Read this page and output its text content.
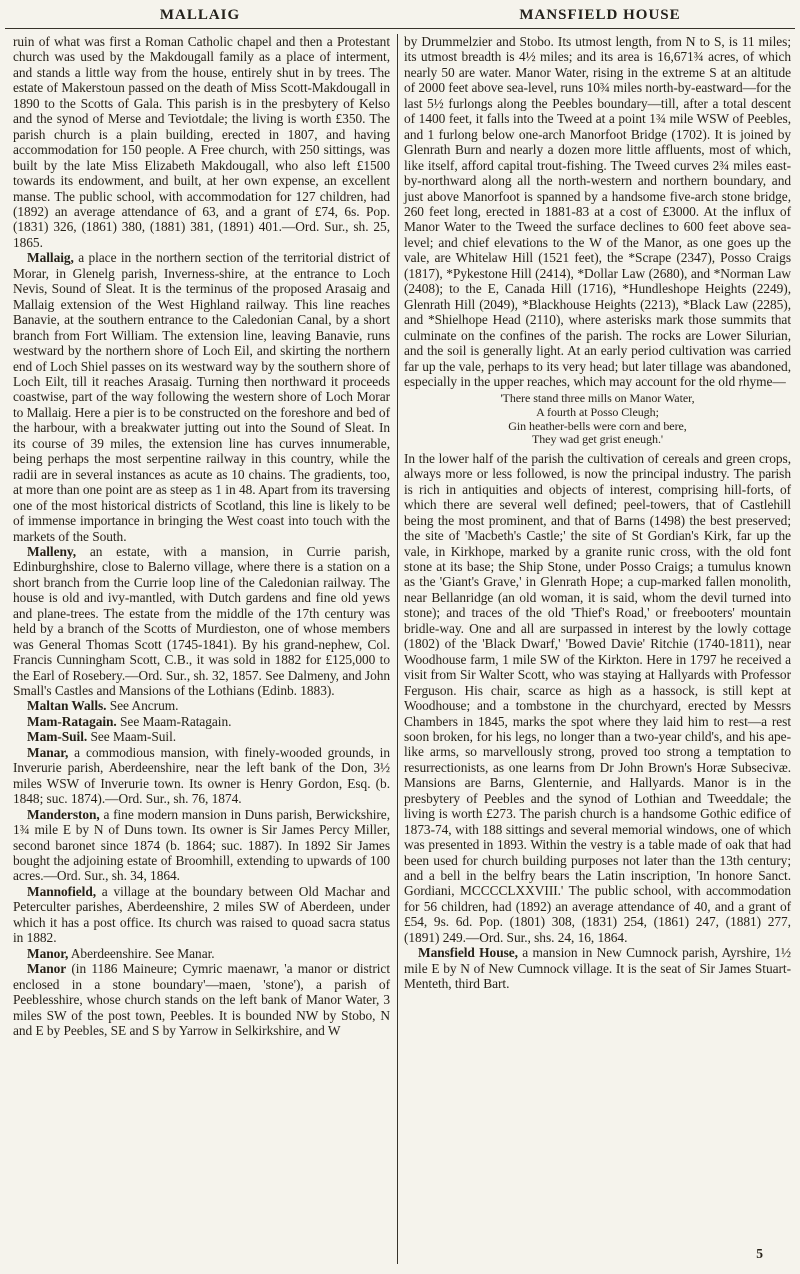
MALLAIG	MANSFIELD HOUSE

ruin of what was first a Roman Catholic chapel and then a Protestant church was used by the Makdougall family as a place of interment, and stands a little way from the house, entirely shut in by trees. The estate of Makerstoun passed on the death of Miss Scott-Makdougall in 1890 to the Scotts of Gala. This parish is in the presbytery of Kelso and the synod of Merse and Teviotdale; the living is worth £350. The parish church is a plain building, erected in 1807, and having accommodation for 150 people. A Free church, with 250 sittings, was built by the late Miss Elizabeth Makdougall, who also left £1500 towards its endowment, and built, at her own expense, an excellent manse. The public school, with accommodation for 127 children, had (1892) an average attendance of 63, and a grant of £74, 6s. Pop. (1831) 326, (1861) 380, (1881) 381, (1891) 401.—Ord. Sur., sh. 25, 1865.

Mallaig, a place in the northern section of the territorial district of Morar, in Glenelg parish, Inverness-shire, at the entrance to Loch Nevis, Sound of Sleat. It is the terminus of the proposed Arasaig and Mallaig extension of the West Highland railway. This line reaches Banavie, at the southern entrance to the Caledonian Canal, by a short branch from Fort William. The extension line, leaving Banavie, runs westward by the northern shore of Loch Eil, and skirting the northern end of Loch Shiel passes on its westward way by the southern shore of Loch Eilt, till it reaches Arasaig. Turning then northward it proceeds coastwise, part of the way following the western shore of Loch Morar to Mallaig. Here a pier is to be constructed on the foreshore and bed of the harbour, with a breakwater jutting out into the Sound of Sleat. In its course of 39 miles, the extension line has curves innumerable, being perhaps the most serpentine railway in this country, while the radii are in several instances as acute as 10 chains. The gradients, too, at more than one point are as steep as 1 in 48. Apart from its traversing one of the most historical districts of Scotland, this line is likely to be of immense importance in bringing the West coast into touch with the markets of the South.

Malleny, an estate, with a mansion, in Currie parish, Edinburghshire, close to Balerno village, where there is a station on a short branch from the Currie loop line of the Caledonian railway. The house is old and ivy-mantled, with Dutch gardens and fine old yews and plane-trees. The estate from the middle of the 17th century was held by a branch of the Scotts of Murdieston, one of whose members was General Thomas Scott (1745-1841). By his grand-nephew, Col. Francis Cunningham Scott, C.B., it was sold in 1882 for £125,000 to the Earl of Rosebery.—Ord. Sur., sh. 32, 1857. See Dalmeny, and John Small's Castles and Mansions of the Lothians (Edinb. 1883).

Maltan Walls. See Ancrum.

Mam-Ratagain. See Maam-Ratagain.

Mam-Suil. See Maam-Suil.

Manar, a commodious mansion, with finely-wooded grounds, in Inverurie parish, Aberdeenshire, near the left bank of the Don, 3½ miles WSW of Inverurie town. Its owner is Henry Gordon, Esq. (b. 1848; suc. 1874).—Ord. Sur., sh. 76, 1874.

Manderston, a fine modern mansion in Duns parish, Berwickshire, 1¾ mile E by N of Duns town. Its owner is Sir James Percy Miller, second baronet since 1874 (b. 1864; suc. 1887). In 1892 Sir James bought the adjoining estate of Broomhill, extending to upwards of 100 acres.—Ord. Sur., sh. 34, 1864.

Mannofield, a village at the boundary between Old Machar and Peterculter parishes, Aberdeenshire, 2 miles SW of Aberdeen, under which it has a post office. Its church was raised to quoad sacra status in 1882.

Manor, Aberdeenshire. See Manar.

Manor (in 1186 Maineure; Cymric maenawr, 'a manor or district enclosed in a stone boundary'—maen, 'stone'), a parish of Peeblesshire, whose church stands on the left bank of Manor Water, 3 miles SW of the post town, Peebles. It is bounded NW by Stobo, N and E by Peebles, SE and S by Yarrow in Selkirkshire, and W

by Drummelzier and Stobo. Its utmost length, from N to S, is 11 miles; its utmost breadth is 4½ miles; and its area is 16,671¾ acres, of which nearly 50 are water. Manor Water, rising in the extreme S at an altitude of 2000 feet above sea-level, runs 10¾ miles north-by-eastward—for the last 5½ furlongs along the Peebles boundary—till, after a total descent of 1400 feet, it falls into the Tweed at a point 1¾ mile WSW of Peebles, and 1 furlong below one-arch Manorfoot Bridge (1702). It is joined by Glenrath Burn and nearly a dozen more little affluents, most of which, like itself, afford capital trout-fishing. The Tweed curves 2¾ miles east-by-northward along all the north-western and northern boundary, and just above Manorfoot is spanned by a handsome five-arch stone bridge, 260 feet long, erected in 1881-83 at a cost of £3000. At the influx of Manor Water to the Tweed the surface declines to 600 feet above sea-level; and chief elevations to the W of the Manor, as one goes up the vale, are Whitelaw Hill (1521 feet), the *Scrape (2347), Posso Craigs (1817), *Pykestone Hill (2414), *Dollar Law (2680), and *Norman Law (2408); to the E, Canada Hill (1716), *Hundleshope Heights (2249), Glenrath Hill (2049), *Blackhouse Heights (2213), *Black Law (2285), and *Shielhope Head (2110), where asterisks mark those summits that culminate on the confines of the parish. The rocks are Lower Silurian, and the soil is generally light. At an early period cultivation was carried far up the vale, perhaps to its very head; but later tillage was abandoned, especially in the upper reaches, which may account for the old rhyme—

'There stand three mills on Manor Water,
A fourth at Posso Cleugh;
Gin heather-bells were corn and bere,
They wad get grist eneugh.'

In the lower half of the parish the cultivation of cereals and green crops, always more or less followed, is now the principal industry. The parish is rich in antiquities and objects of interest, comprising hill-forts, of which there are several well defined; peel-towers, that of Castlehill being the most prominent, and that of Barns (1498) the best preserved; the site of 'Macbeth's Castle;' the site of St Gordian's Kirk, far up the vale, in Kirkhope, marked by a granite runic cross, with the old font stone at its base; the Ship Stone, under Posso Craigs; a tumulus known as the 'Giant's Grave,' in Glenrath Hope; a cup-marked fallen monolith, near Bellanridge (an old woman, it is said, whom the devil turned into stone); and traces of the old 'Thief's Road,' or freebooters' mountain bridle-way. One and all are surpassed in interest by the lowly cottage (1802) of the 'Black Dwarf,' 'Bowed Davie' Ritchie (1740-1811), near Woodhouse farm, 1 mile SW of the Kirkton. Here in 1797 he received a visit from Sir Walter Scott, who was staying at Hallyards with Professor Ferguson. His chair, scarce as high as a hassock, is still kept at Woodhouse; and a tombstone in the churchyard, erected by Messrs Chambers in 1845, marks the spot where they laid him to rest—a rest soon broken, for his legs, no longer than a two-year child's, and his ape-like arms, so marvellously strong, proved too strong a temptation to resurrectionists, as one learns from Dr John Brown's Horæ Subsecivæ. Mansions are Barns, Glenternie, and Hallyards. Manor is in the presbytery of Peebles and the synod of Lothian and Tweeddale; the living is worth £273. The parish church is a handsome Gothic edifice of 1873-74, with 188 sittings and several memorial windows, one of which was presented in 1893. Within the vestry is a table made of oak that had been used for church building purposes not later than the 13th century; and a bell in the belfry bears the Latin inscription, 'In honore Sanct. Gordiani, MCCCCLXXVIII.' The public school, with accommodation for 56 children, had (1892) an average attendance of 40, and a grant of £54, 9s. 6d. Pop. (1801) 308, (1831) 254, (1861) 247, (1881) 277, (1891) 249.—Ord. Sur., shs. 24, 16, 1864.

Mansfield House, a mansion in New Cumnock parish, Ayrshire, 1½ mile E by N of New Cumnock village. It is the seat of Sir James Stuart-Menteth, third Bart.

5
